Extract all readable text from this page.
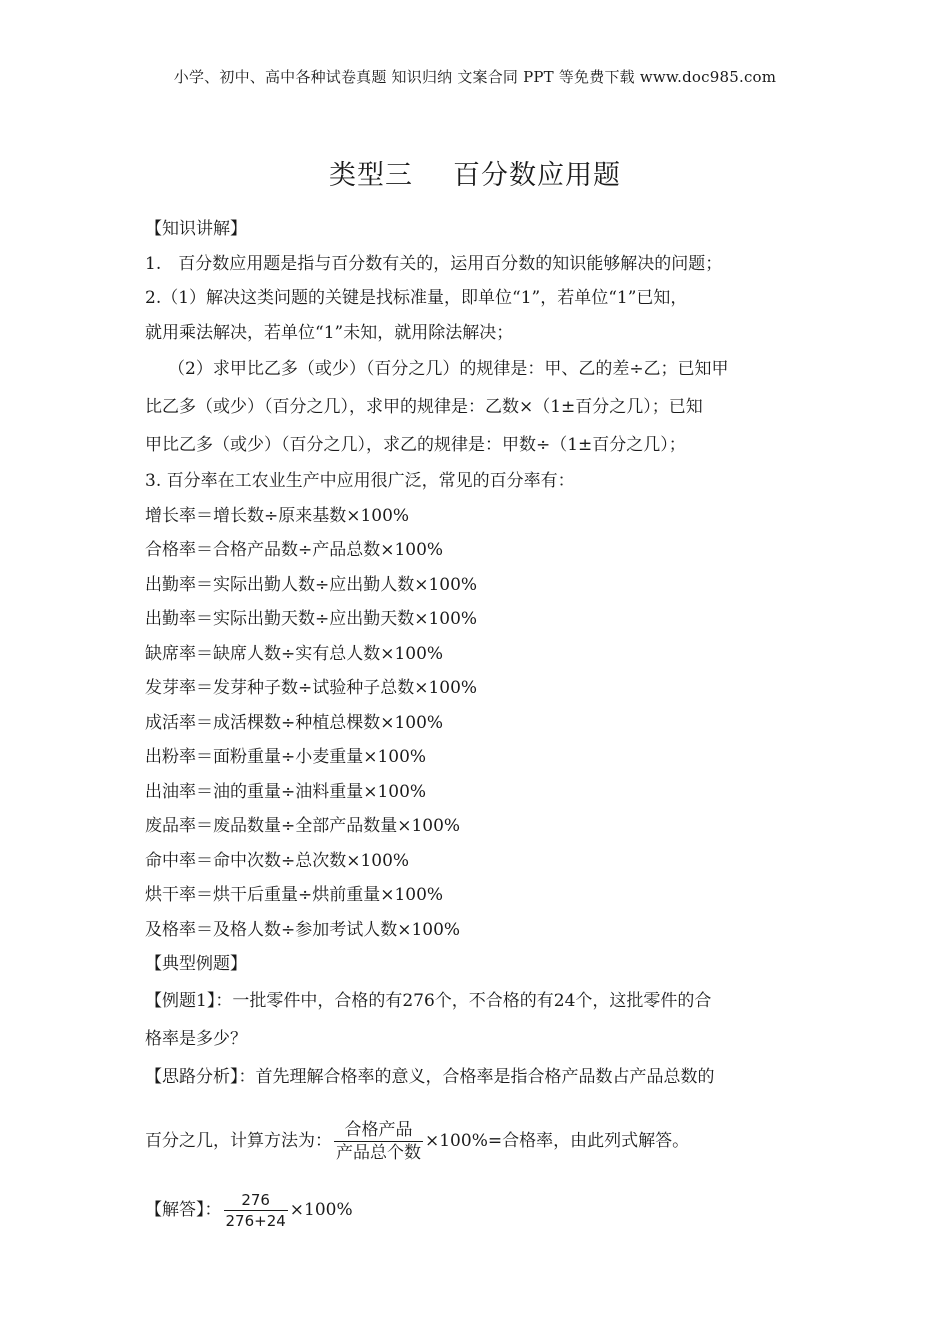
小学、初中、高中各种试卷真题 知识归纳 文案合同 PPT 等免费下载 www.doc985.com
类型三 百分数应用题
【知识讲解】
1.　百分数应用题是指与百分数有关的，运用百分数的知识能够解决的问题；
2.（1）解决这类问题的关键是找标准量，即单位“1”，若单位“1”已知，
就用乘法解决，若单位“1”未知，就用除法解决；
（2）求甲比乙多（或少）（百分之几）的规律是：甲、乙的差÷乙；已知甲
比乙多（或少）（百分之几），求甲的规律是：乙数×（1±百分之几）；已知
甲比乙多（或少）（百分之几），求乙的规律是：甲数÷（1±百分之几）；
3. 百分率在工农业生产中应用很广泛，常见的百分率有：
增长率＝增长数÷原来基数×100%
合格率＝合格产品数÷产品总数×100%
出勤率＝实际出勤人数÷应出勤人数×100%
出勤率＝实际出勤天数÷应出勤天数×100%
缺席率＝缺席人数÷实有总人数×100%
发芽率＝发芽种子数÷试验种子总数×100%
成活率＝成活棵数÷种植总棵数×100%
出粉率＝面粉重量÷小麦重量×100%
出油率＝油的重量÷油料重量×100%
废品率＝废品数量÷全部产品数量×100%
命中率＝命中次数÷总次数×100%
烘干率＝烘干后重量÷烘前重量×100%
及格率＝及格人数÷参加考试人数×100%
【典型例题】
【例题1】：一批零件中，合格的有276个，不合格的有24个，这批零件的合
格率是多少？
【思路分析】：首先理解合格率的意义，合格率是指合格产品数占产品总数的
百分之几，计算方法为： $\frac{\text{合格产品}}{\text{产品总个数}} \times 100\%=$合格率，由此列式解答。
【解答】： $\frac{276}{276+24} \times 100\%$
